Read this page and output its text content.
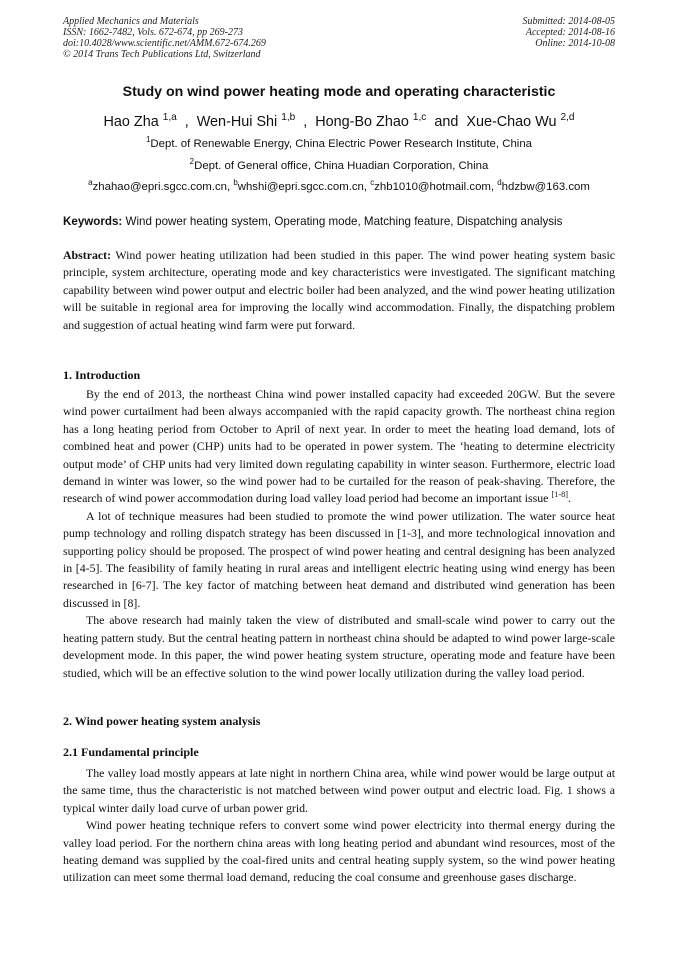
Applied Mechanics and Materials
ISSN: 1662-7482, Vols. 672-674, pp 269-273
doi:10.4028/www.scientific.net/AMM.672-674.269
© 2014 Trans Tech Publications Ltd, Switzerland
Submitted: 2014-08-05
Accepted: 2014-08-16
Online: 2014-10-08
Study on wind power heating mode and operating characteristic
Hao Zha $^{1,a}$  ,  Wen-Hui Shi $^{1,b}$  ,  Hong-Bo Zhao $^{1,c}$  and  Xue-Chao Wu $^{2,d}$
$^1$Dept. of Renewable Energy, China Electric Power Research Institute, China
$^2$Dept. of General office, China Huadian Corporation, China
$^a$zhahao@epri.sgcc.com.cn, $^b$whshi@epri.sgcc.com.cn, $^c$zhb1010@hotmail.com, $^d$hdzbw@163.com
Keywords: Wind power heating system, Operating mode, Matching feature, Dispatching analysis

Abstract: Wind power heating utilization had been studied in this paper. The wind power heating system basic principle, system architecture, operating mode and key characteristics were investigated. The significant matching capability between wind power output and electric boiler had been analyzed, and the wind power heating utilization will be suitable in regional area for improving the locally wind accommodation. Finally, the dispatching problem and suggestion of actual heating wind farm were put forward.

1. Introduction

By the end of 2013, the northeast China wind power installed capacity had exceeded 20GW. But the severe wind power curtailment had been always accompanied with the rapid capacity growth. The northeast china region has a long heating period from October to April of next year. In order to meet the heating load demand, lots of combined heat and power (CHP) units had to be operated in power system. The ‘heating to determine electricity output mode’ of CHP units had very limited down regulating capability in winter season. Furthermore, electric load demand in winter was lower, so the wind power had to be curtailed for the reason of peak-shaving. Therefore, the research of wind power accommodation during load valley load period had become an important issue [1-8].

A lot of technique measures had been studied to promote the wind power utilization. The water source heat pump technology and rolling dispatch strategy has been discussed in [1-3], and more technological innovation and supporting policy should be proposed. The prospect of wind power heating and central designing has been analyzed in [4-5]. The feasibility of family heating in rural areas and intelligent electric heating using wind energy has been researched in [6-7]. The key factor of matching between heat demand and distributed wind generation has been discussed in [8].

The above research had mainly taken the view of distributed and small-scale wind power to carry out the heating pattern study. But the central heating pattern in northeast china should be adapted to wind power large-scale development mode. In this paper, the wind power heating system structure, operating mode and feature have been studied, which will be an effective solution to the wind power locally utilization during the valley load period.

2. Wind power heating system analysis
2.1 Fundamental principle

The valley load mostly appears at late night in northern China area, while wind power would be large output at the same time, thus the characteristic is not matched between wind power output and electric load. Fig. 1 shows a typical winter daily load curve of urban power grid.

Wind power heating technique refers to convert some wind power electricity into thermal energy during the valley load period. For the northern china areas with long heating period and abundant wind resources, most of the heating demand was supplied by the coal-fired units and central heating supply system, so the wind power heating utilization can meet some thermal load demand, reducing the coal consume and greenhouse gases discharge.
